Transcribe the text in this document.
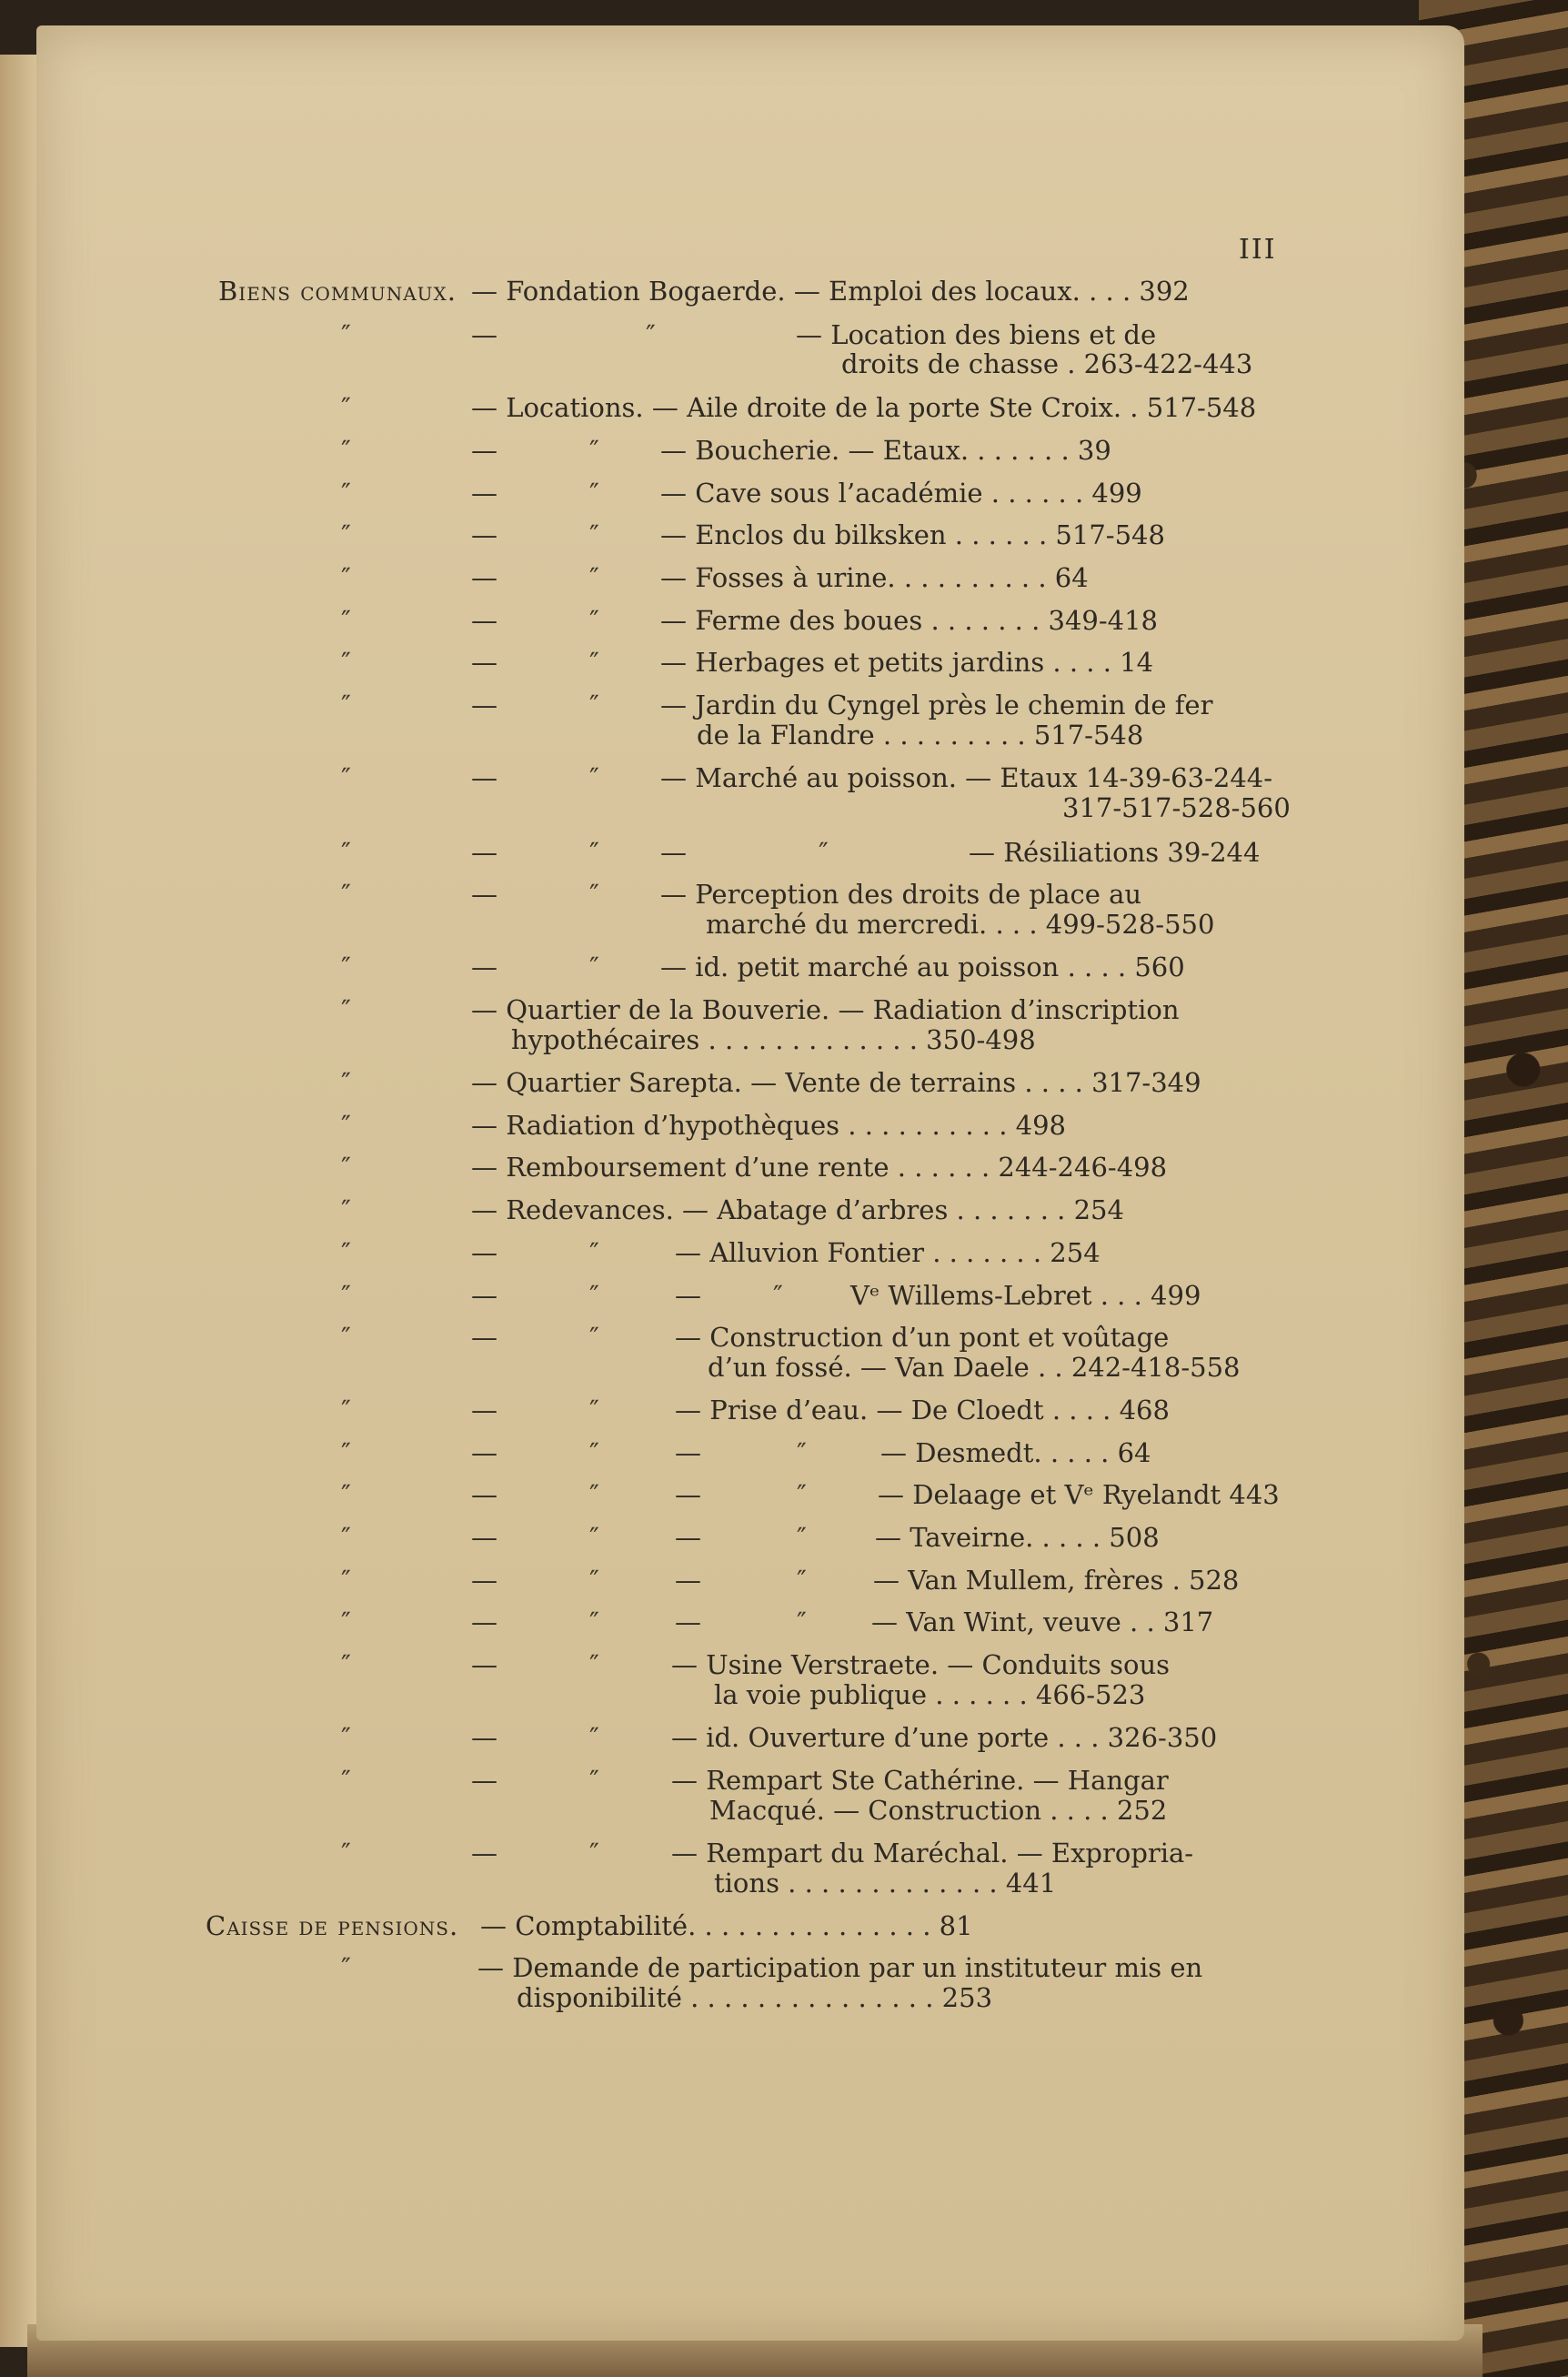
III
Biens communaux. — Fondation Bogaerde. — Emploi des locaux. . . . 392
″	—	″	— Location des biens et de
droits de chasse . 263-422-443
″	— Locations. — Aile droite de la porte Ste Croix. . 517-548
″	—	″ — Boucherie. — Etaux. . . . . . . 39
″	—	″ — Cave sous l’académie . . . . . . 499
″	—	″ — Enclos du bilksken . . . . . . 517-548
″	—	″ — Fosses à urine. . . . . . . . . . 64
″	—	″ — Ferme des boues . . . . . . . 349-418
″	—	″ — Herbages et petits jardins . . . . 14
″	—	″ — Jardin du Cyngel près le chemin de fer
de la Flandre . . . . . . . . . 517-548
″	—	″ — Marché au poisson. — Etaux 14-39-63-244-
317-517-528-560
″	—	″ —	″	— Résiliations 39-244
″	—	″ — Perception des droits de place au
marché du mercredi. . . . 499-528-550
″	—	″ — id. petit marché au poisson . . . . 560
″	— Quartier de la Bouverie. — Radiation d’inscription
hypothécaires . . . . . . . . . . . . . 350-498
″	— Quartier Sarepta. — Vente de terrains . . . . 317-349
″	— Radiation d’hypothèques . . . . . . . . . . 498
″	— Remboursement d’une rente . . . . . . 244-246-498
″	— Redevances. — Abatage d’arbres . . . . . . . 254
″	—	″	— Alluvion Fontier . . . . . . . 254
″	—	″	—	″	Vᵉ Willems-Lebret . . . 499
″	—	″	— Construction d’un pont et voûtage
d’un fossé. — Van Daele . . 242-418-558
″	—	″	— Prise d’eau. — De Cloedt . . . . 468
″	—	″	—	″	— Desmedt. . . . . 64
″	—	″	—	″	— Delaage et Vᵉ Ryelandt 443
″	—	″	—	″	— Taveirne. . . . . 508
″	—	″	—	″	— Van Mullem, frères . 528
″	—	″	—	″ — Van Wint, veuve . . 317
″	—	″	— Usine Verstraete. — Conduits sous
la voie publique . . . . . . 466-523
″	—	″	— id. Ouverture d’une porte . . . 326-350
″	—	″	— Rempart Ste Cathérine. — Hangar
Macqué. — Construction . . . . 252
″	—	″	— Rempart du Maréchal. — Expropria-
tions . . . . . . . . . . . . . 441
Caisse de pensions. — Comptabilité. . . . . . . . . . . . . . . 81
″	— Demande de participation par un instituteur mis en
disponibilité . . . . . . . . . . . . . . . 253
